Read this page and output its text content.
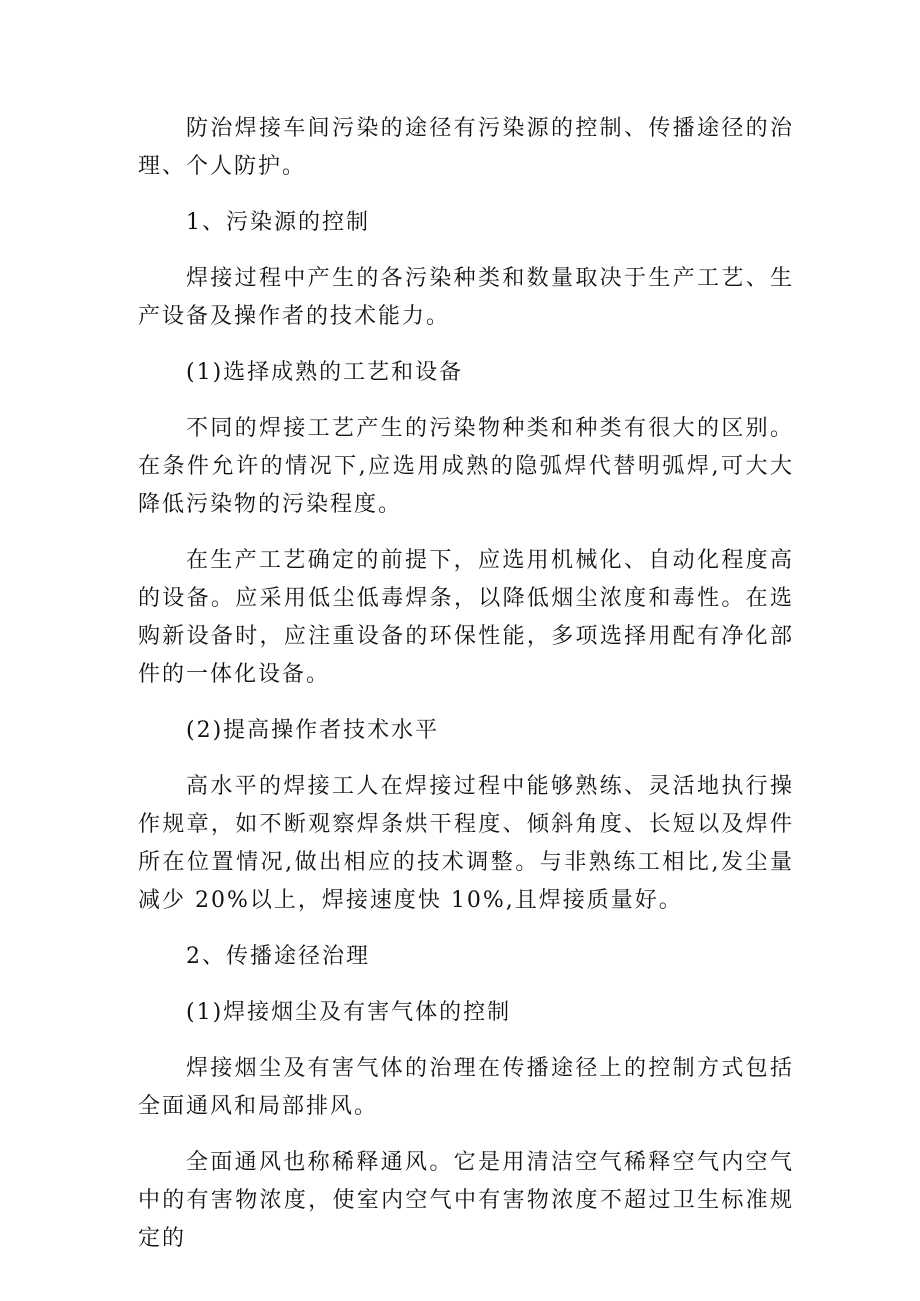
防治焊接车间污染的途径有污染源的控制、传播途径的治理、个人防护。

1、污染源的控制

焊接过程中产生的各污染种类和数量取决于生产工艺、生产设备及操作者的技术能力。

(1)选择成熟的工艺和设备

不同的焊接工艺产生的污染物种类和种类有很大的区别。在条件允许的情况下,应选用成熟的隐弧焊代替明弧焊,可大大降低污染物的污染程度。

在生产工艺确定的前提下，应选用机械化、自动化程度高的设备。应采用低尘低毒焊条，以降低烟尘浓度和毒性。在选购新设备时，应注重设备的环保性能，多项选择用配有净化部件的一体化设备。

(2)提高操作者技术水平

高水平的焊接工人在焊接过程中能够熟练、灵活地执行操作规章，如不断观察焊条烘干程度、倾斜角度、长短以及焊件所在位置情况,做出相应的技术调整。与非熟练工相比,发尘量减少 20%以上，焊接速度快 10%,且焊接质量好。

2、传播途径治理

(1)焊接烟尘及有害气体的控制

焊接烟尘及有害气体的治理在传播途径上的控制方式包括全面通风和局部排风。

全面通风也称稀释通风。它是用清洁空气稀释空气内空气中的有害物浓度，使室内空气中有害物浓度不超过卫生标准规定的
